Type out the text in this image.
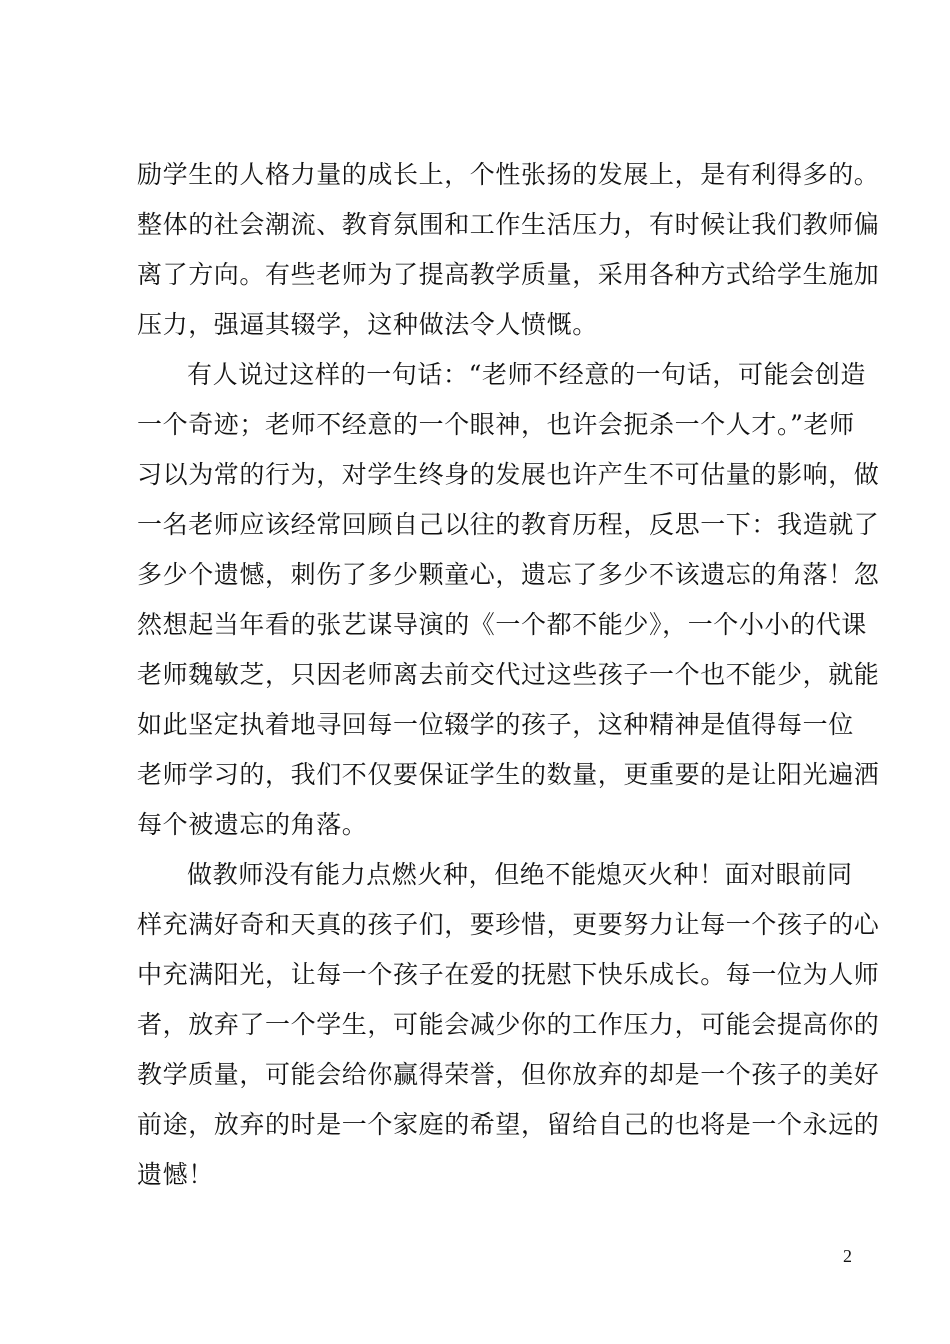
励学生的人格力量的成长上，个性张扬的发展上，是有利得多的。
整体的社会潮流、教育氛围和工作生活压力，有时候让我们教师偏
离了方向。有些老师为了提高教学质量，采用各种方式给学生施加
压力，强逼其辍学，这种做法令人愤慨。
有人说过这样的一句话：“老师不经意的一句话，可能会创造
一个奇迹；老师不经意的一个眼神，也许会扼杀一个人才。”老师
习以为常的行为，对学生终身的发展也许产生不可估量的影响，做
一名老师应该经常回顾自己以往的教育历程，反思一下：我造就了
多少个遗憾，刺伤了多少颗童心，遗忘了多少不该遗忘的角落！忽
然想起当年看的张艺谋导演的《一个都不能少》，一个小小的代课
老师魏敏芝，只因老师离去前交代过这些孩子一个也不能少，就能
如此坚定执着地寻回每一位辍学的孩子，这种精神是值得每一位
老师学习的，我们不仅要保证学生的数量，更重要的是让阳光遍洒
每个被遗忘的角落。
做教师没有能力点燃火种，但绝不能熄灭火种！面对眼前同
样充满好奇和天真的孩子们，要珍惜，更要努力让每一个孩子的心
中充满阳光，让每一个孩子在爱的抚慰下快乐成长。每一位为人师
者，放弃了一个学生，可能会减少你的工作压力，可能会提高你的
教学质量，可能会给你赢得荣誉，但你放弃的却是一个孩子的美好
前途，放弃的时是一个家庭的希望，留给自己的也将是一个永远的
遗憾！
2
